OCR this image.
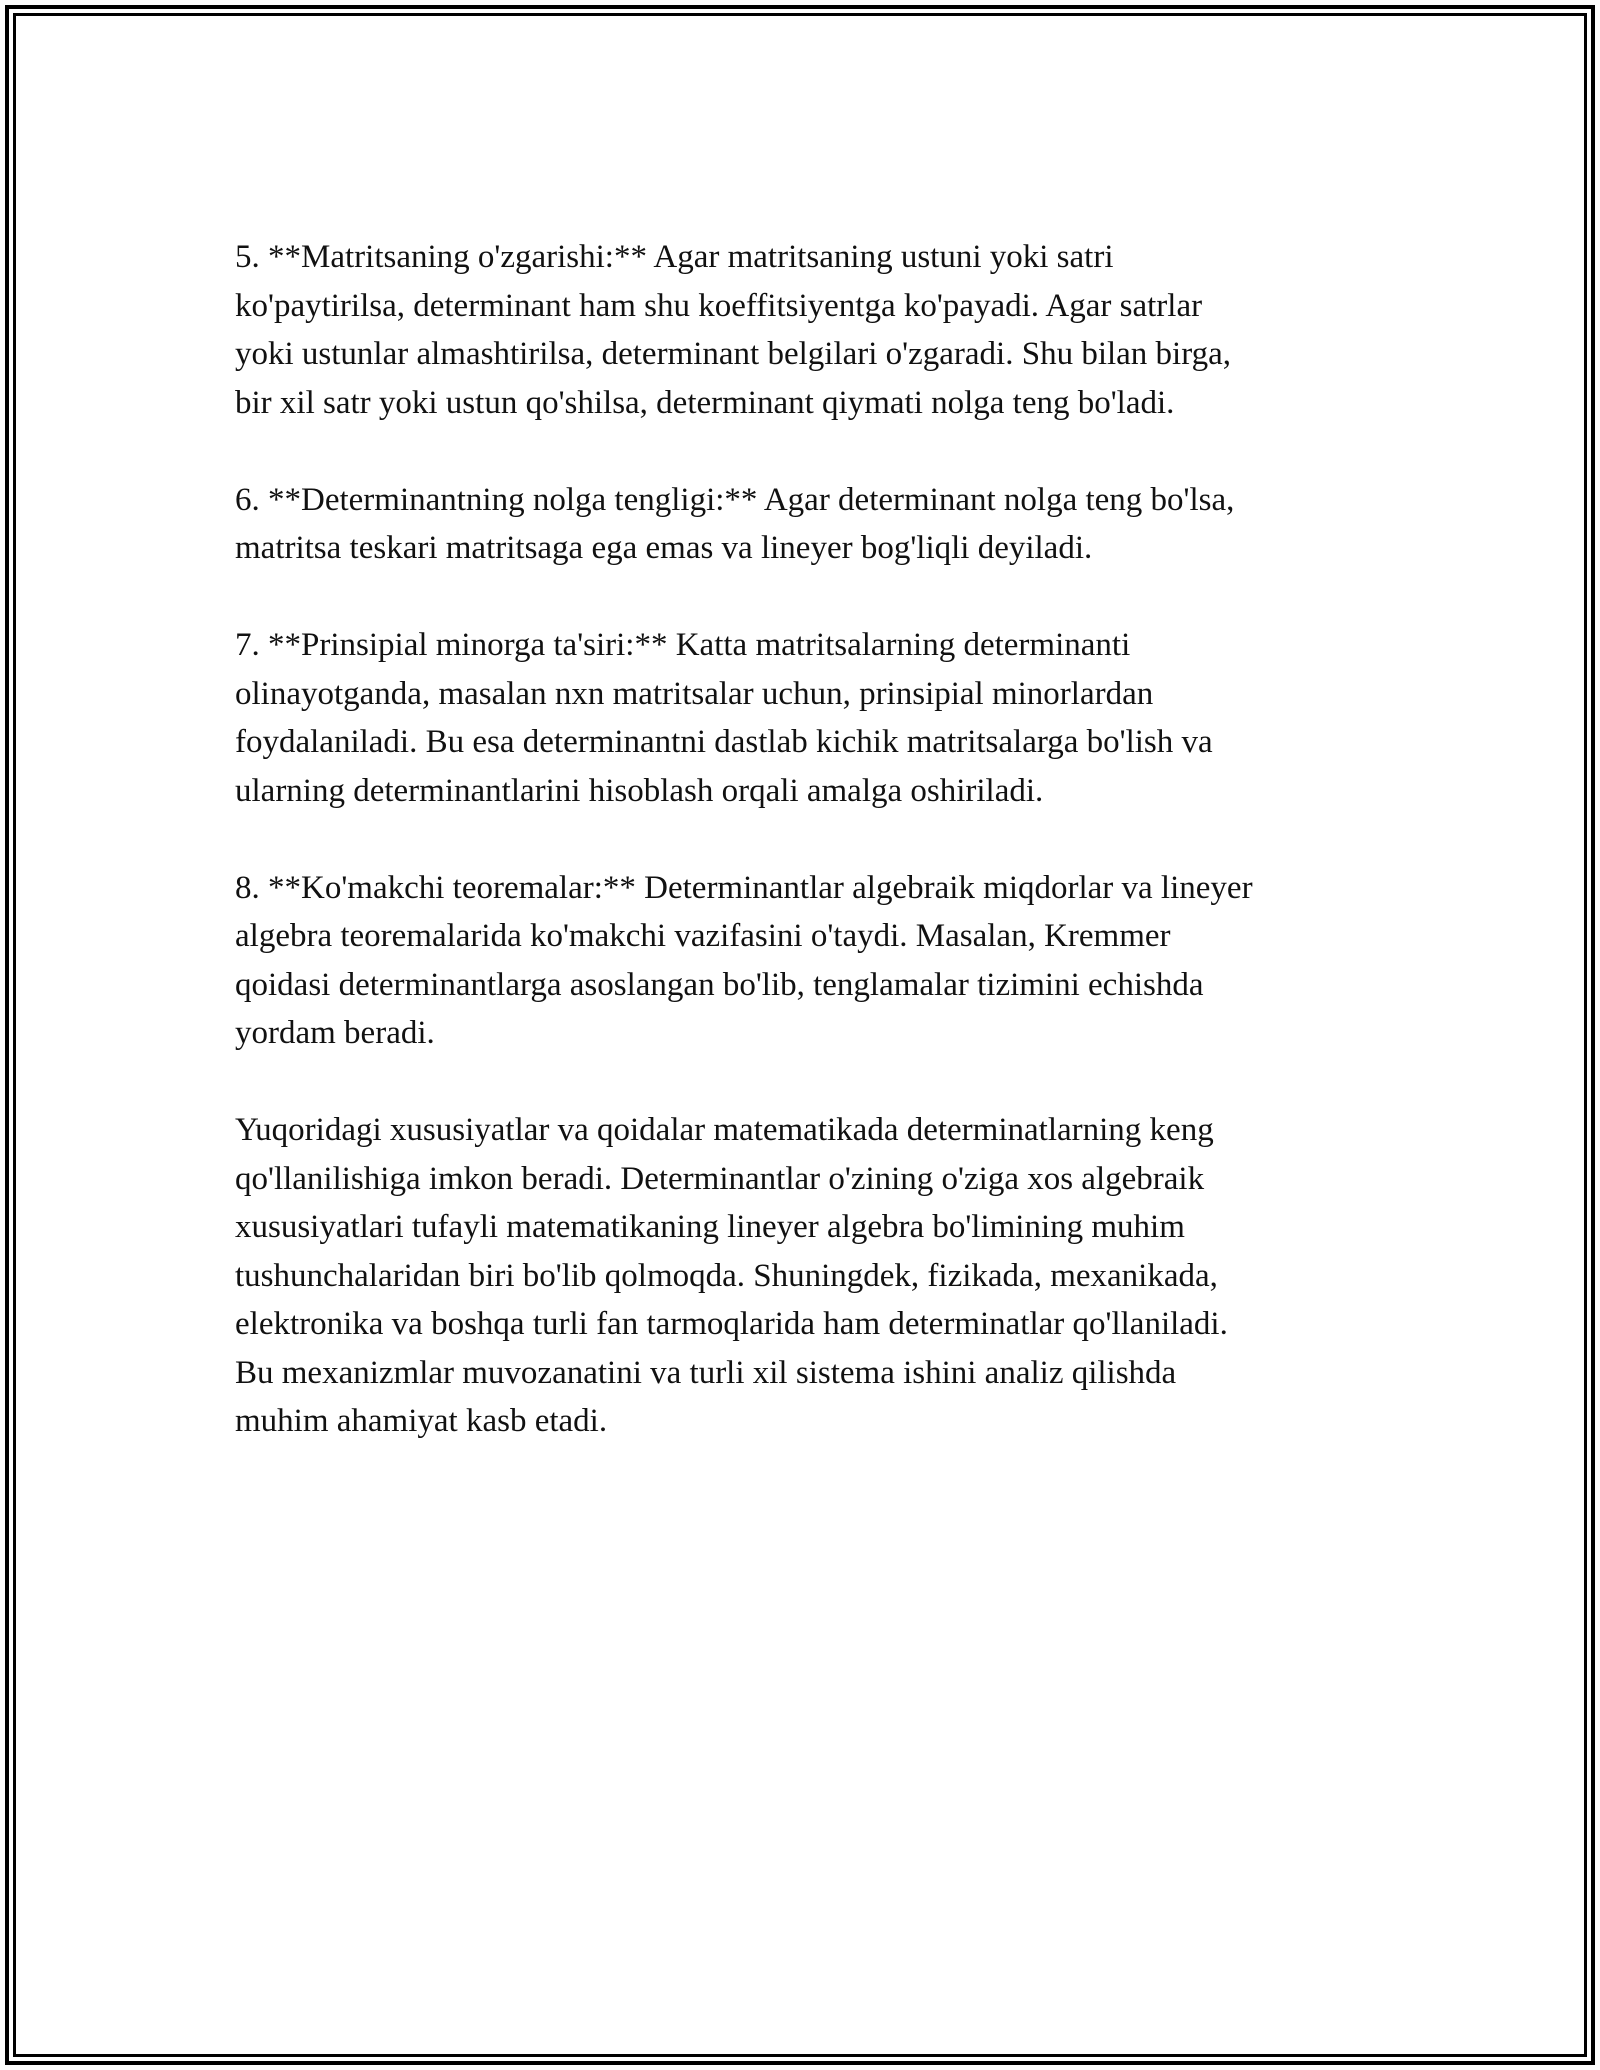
5. **Matritsaning o'zgarishi:** Agar matritsaning ustuni yoki satri
ko'paytirilsa, determinant ham shu koeffitsiyentga ko'payadi. Agar satrlar
yoki ustunlar almashtirilsa, determinant belgilari o'zgaradi. Shu bilan birga,
bir xil satr yoki ustun qo'shilsa, determinant qiymati nolga teng bo'ladi.

6. **Determinantning nolga tengligi:** Agar determinant nolga teng bo'lsa,
matritsa teskari matritsaga ega emas va lineyer bog'liqli deyiladi.

7. **Prinsipial minorga ta'siri:** Katta matritsalarning determinanti
olinayotganda, masalan nxn matritsalar uchun, prinsipial minorlardan
foydalaniladi. Bu esa determinantni dastlab kichik matritsalarga bo'lish va
ularning determinantlarini hisoblash orqali amalga oshiriladi.

8. **Ko'makchi teoremalar:** Determinantlar algebraik miqdorlar va lineyer
algebra teoremalarida ko'makchi vazifasini o'taydi. Masalan, Kremmer
qoidasi determinantlarga asoslangan bo'lib, tenglamalar tizimini echishda
yordam beradi.

Yuqoridagi xususiyatlar va qoidalar matematikada determinatlarning keng
qo'llanilishiga imkon beradi. Determinantlar o'zining o'ziga xos algebraik
xususiyatlari tufayli matematikaning lineyer algebra bo'limining muhim
tushunchalaridan biri bo'lib qolmoqda. Shuningdek, fizikada, mexanikada,
elektronika va boshqa turli fan tarmoqlarida ham determinatlar qo'llaniladi.
Bu mexanizmlar muvozanatini va turli xil sistema ishini analiz qilishda
muhim ahamiyat kasb etadi.
